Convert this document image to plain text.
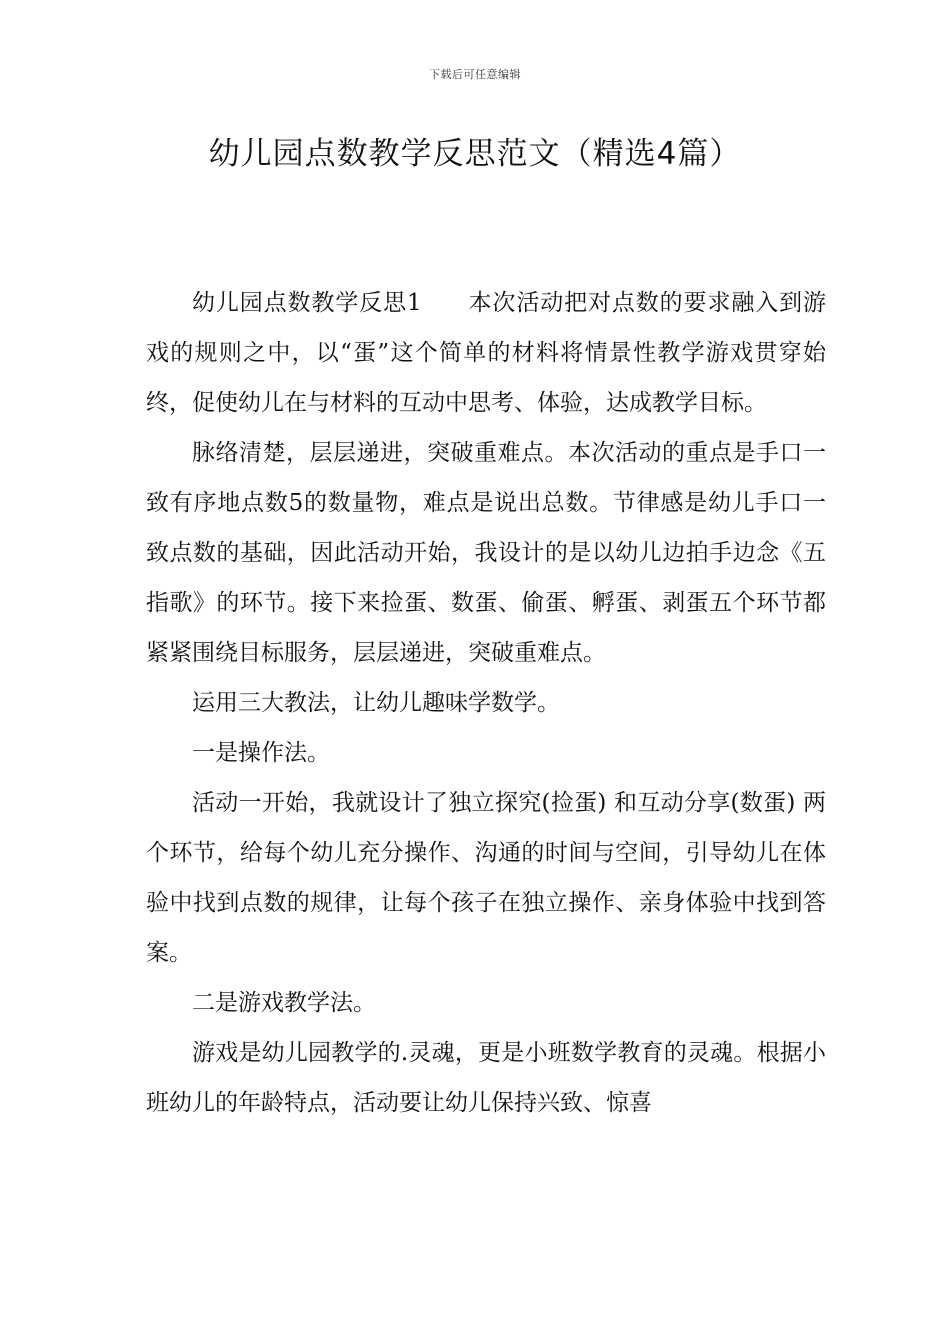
下载后可任意编辑
幼儿园点数教学反思范文（精选4篇）

幼儿园点数教学反思1 本次活动把对点数的要求融入到游戏的规则之中，以“蛋”这个简单的材料将情景性教学游戏贯穿始终，促使幼儿在与材料的互动中思考、体验，达成教学目标。

脉络清楚，层层递进，突破重难点。本次活动的重点是手口一致有序地点数5的数量物，难点是说出总数。节律感是幼儿手口一致点数的基础，因此活动开始，我设计的是以幼儿边拍手边念《五指歌》的环节。接下来捡蛋、数蛋、偷蛋、孵蛋、剥蛋五个环节都紧紧围绕目标服务，层层递进，突破重难点。

运用三大教法，让幼儿趣味学数学。

一是操作法。

活动一开始，我就设计了独立探究(捡蛋) 和互动分享(数蛋) 两个环节，给每个幼儿充分操作、沟通的时间与空间，引导幼儿在体验中找到点数的规律，让每个孩子在独立操作、亲身体验中找到答案。

二是游戏教学法。

游戏是幼儿园教学的.灵魂，更是小班数学教育的灵魂。根据小班幼儿的年龄特点，活动要让幼儿保持兴致、惊喜
